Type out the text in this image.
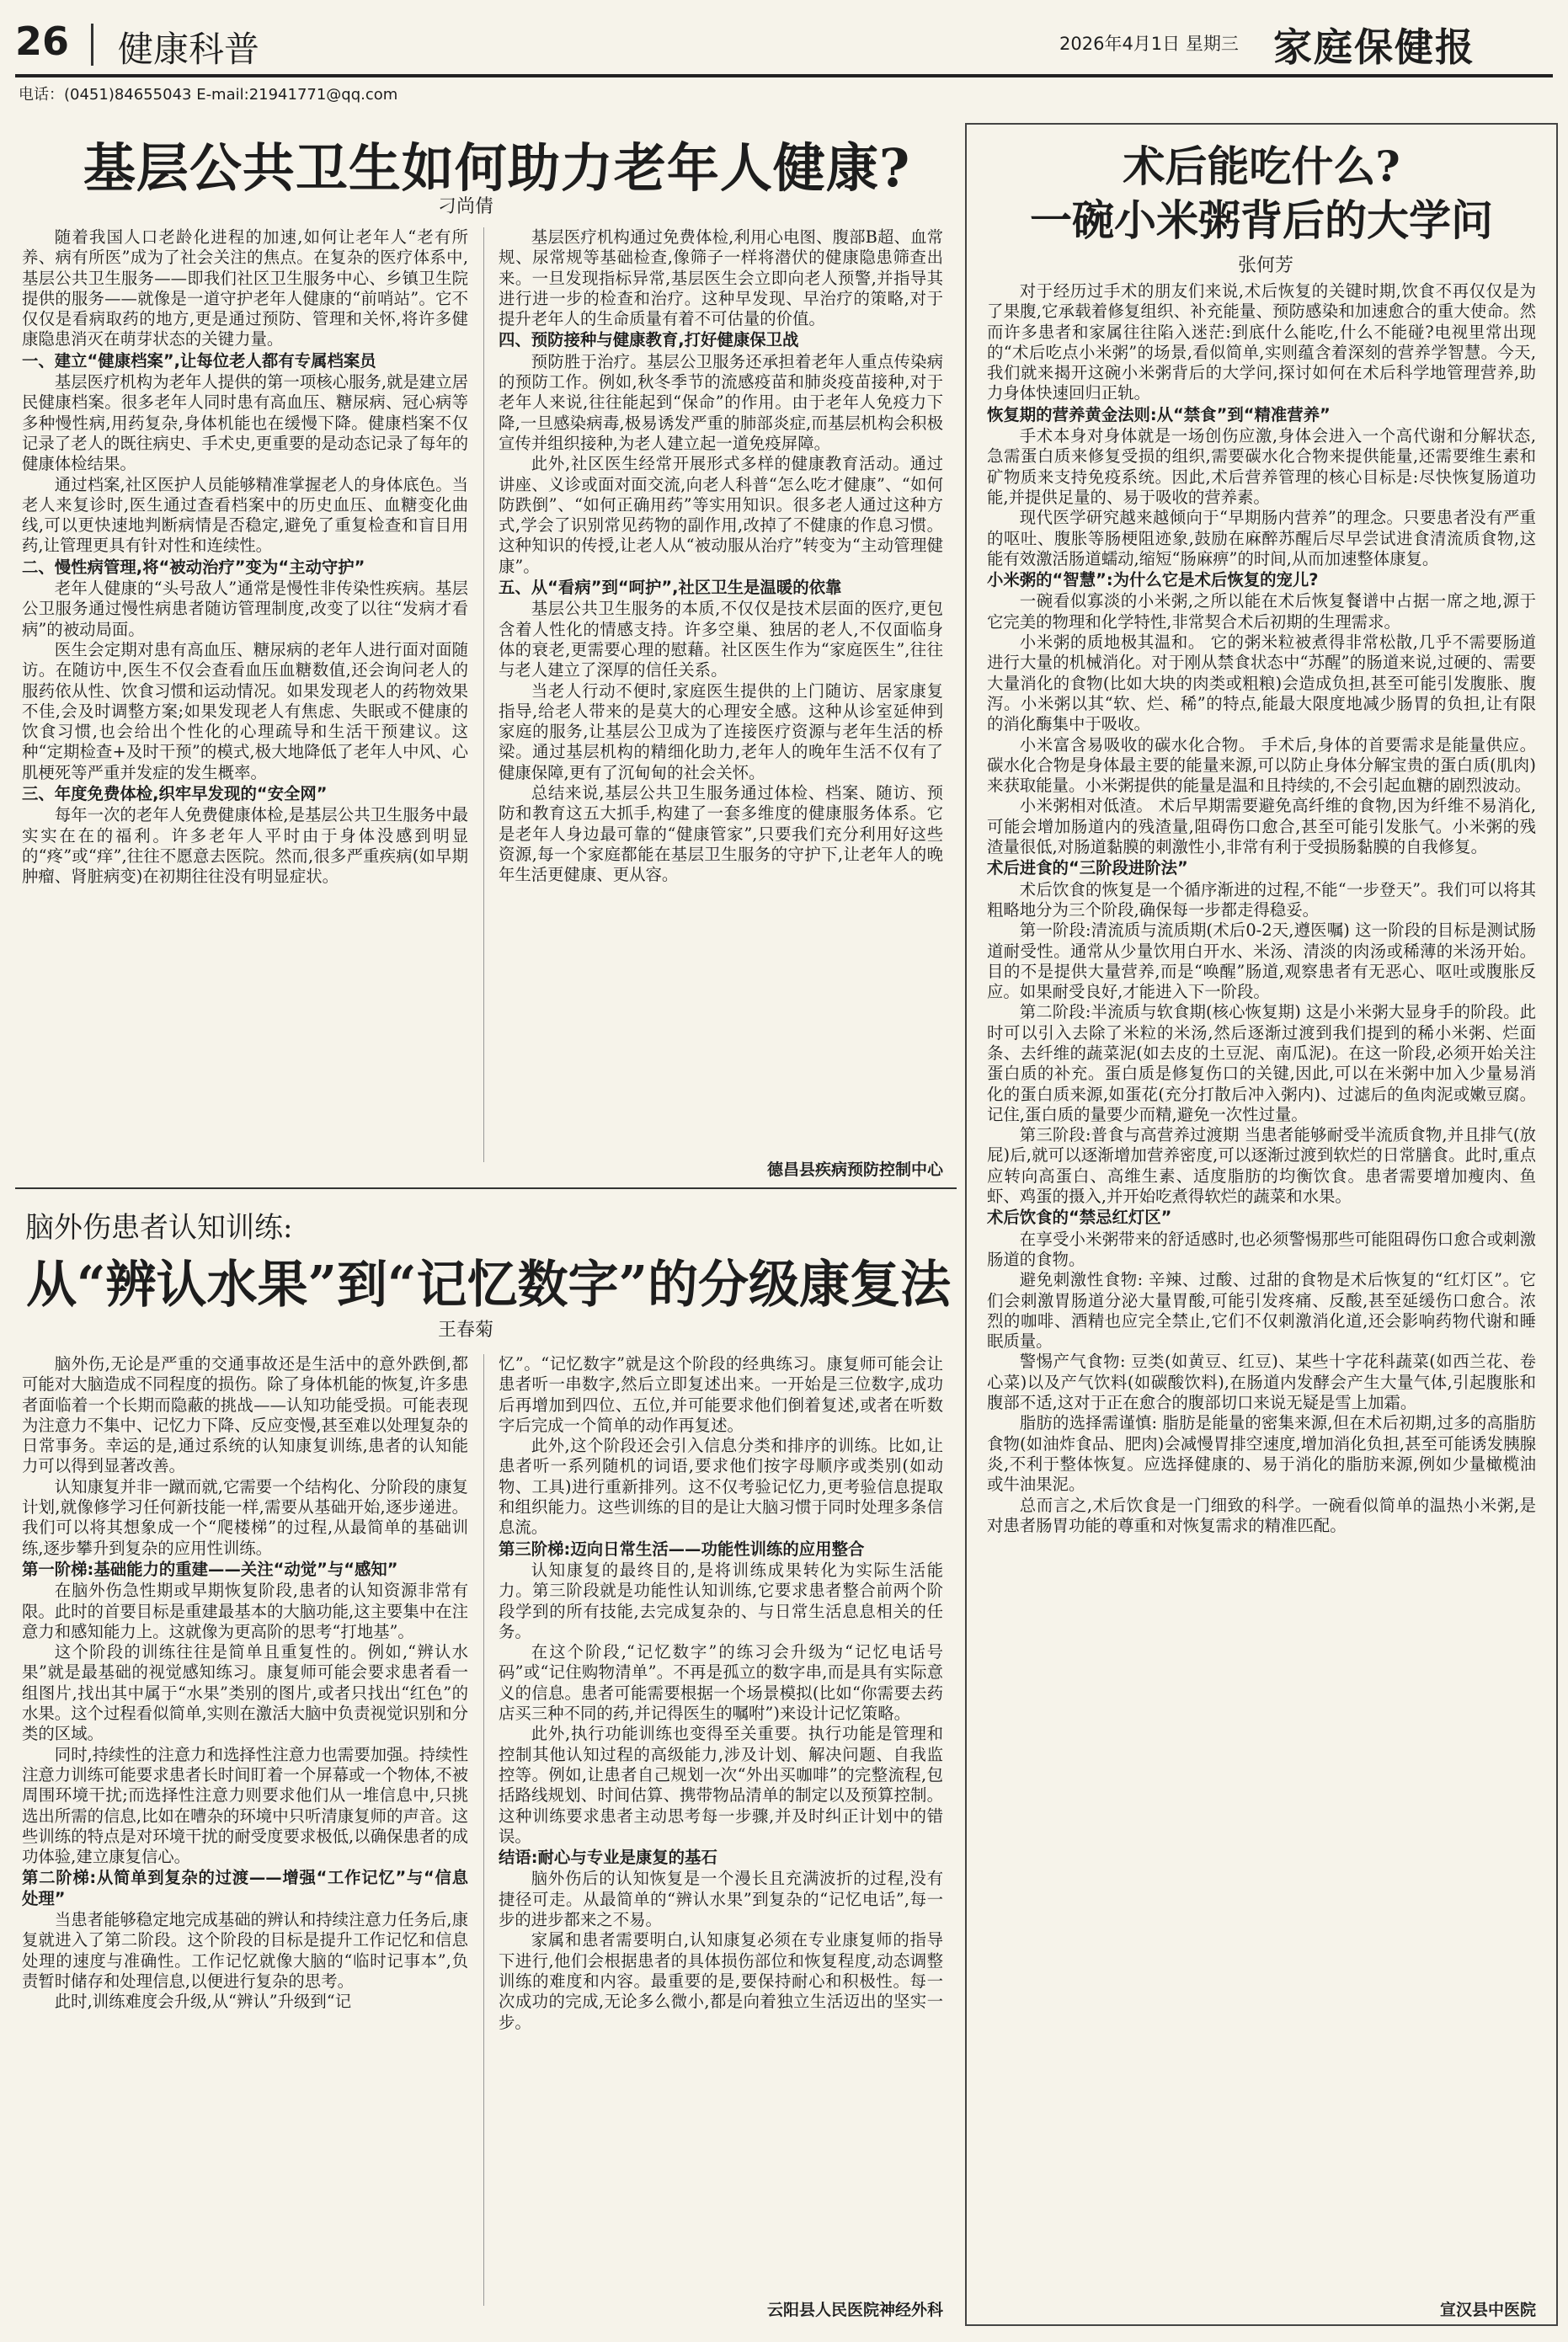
26 健康科普	2026年4月1日 星期三 家庭保健报
电话：(0451)84655043 E-mail:21941771@qq.com
基层公共卫生如何助力老年人健康?
刁尚倩

随着我国人口老龄化进程的加速,如何让老年人“老有所养、病有所医”成为了社会关注的焦点。在复杂的医疗体系中,基层公共卫生服务——即我们社区卫生服务中心、乡镇卫生院提供的服务——就像是一道守护老年人健康的“前哨站”。它不仅仅是看病取药的地方,更是通过预防、管理和关怀,将许多健康隐患消灭在萌芽状态的关键力量。

一、建立“健康档案”,让每位老人都有专属档案员

基层医疗机构为老年人提供的第一项核心服务,就是建立居民健康档案。很多老年人同时患有高血压、糖尿病、冠心病等多种慢性病,用药复杂,身体机能也在缓慢下降。健康档案不仅记录了老人的既往病史、手术史,更重要的是动态记录了每年的健康体检结果。

通过档案,社区医护人员能够精准掌握老人的身体底色。当老人来复诊时,医生通过查看档案中的历史血压、血糖变化曲线,可以更快速地判断病情是否稳定,避免了重复检查和盲目用药,让管理更具有针对性和连续性。

二、慢性病管理,将“被动治疗”变为“主动守护”

老年人健康的“头号敌人”通常是慢性非传染性疾病。基层公卫服务通过慢性病患者随访管理制度,改变了以往“发病才看病”的被动局面。

医生会定期对患有高血压、糖尿病的老年人进行面对面随访。在随访中,医生不仅会查看血压血糖数值,还会询问老人的服药依从性、饮食习惯和运动情况。如果发现老人的药物效果不佳,会及时调整方案;如果发现老人有焦虑、失眠或不健康的饮食习惯,也会给出个性化的心理疏导和生活干预建议。这种“定期检查+及时干预”的模式,极大地降低了老年人中风、心肌梗死等严重并发症的发生概率。

三、年度免费体检,织牢早发现的“安全网”

每年一次的老年人免费健康体检,是基层公共卫生服务中最实实在在的福利。许多老年人平时由于身体没感到明显的“疼”或“痒”,往往不愿意去医院。然而,很多严重疾病(如早期肿瘤、肾脏病变)在初期往往没有明显症状。

基层医疗机构通过免费体检,利用心电图、腹部B超、血常规、尿常规等基础检查,像筛子一样将潜伏的健康隐患筛查出来。一旦发现指标异常,基层医生会立即向老人预警,并指导其进行进一步的检查和治疗。这种早发现、早治疗的策略,对于提升老年人的生命质量有着不可估量的价值。

四、预防接种与健康教育,打好健康保卫战

预防胜于治疗。基层公卫服务还承担着老年人重点传染病的预防工作。例如,秋冬季节的流感疫苗和肺炎疫苗接种,对于老年人来说,往往能起到“保命”的作用。由于老年人免疫力下降,一旦感染病毒,极易诱发严重的肺部炎症,而基层机构会积极宣传并组织接种,为老人建立起一道免疫屏障。

此外,社区医生经常开展形式多样的健康教育活动。通过讲座、义诊或面对面交流,向老人科普“怎么吃才健康”、“如何防跌倒”、“如何正确用药”等实用知识。很多老人通过这种方式,学会了识别常见药物的副作用,改掉了不健康的作息习惯。这种知识的传授,让老人从“被动服从治疗”转变为“主动管理健康”。

五、从“看病”到“呵护”,社区卫生是温暖的依靠

基层公共卫生服务的本质,不仅仅是技术层面的医疗,更包含着人性化的情感支持。许多空巢、独居的老人,不仅面临身体的衰老,更需要心理的慰藉。社区医生作为“家庭医生”,往往与老人建立了深厚的信任关系。

当老人行动不便时,家庭医生提供的上门随访、居家康复指导,给老人带来的是莫大的心理安全感。这种从诊室延伸到家庭的服务,让基层公卫成为了连接医疗资源与老年生活的桥梁。通过基层机构的精细化助力,老年人的晚年生活不仅有了健康保障,更有了沉甸甸的社会关怀。

总结来说,基层公共卫生服务通过体检、档案、随访、预防和教育这五大抓手,构建了一套多维度的健康服务体系。它是老年人身边最可靠的“健康管家”,只要我们充分利用好这些资源,每一个家庭都能在基层卫生服务的守护下,让老年人的晚年生活更健康、更从容。

德昌县疾病预防控制中心
脑外伤患者认知训练:
从“辨认水果”到“记忆数字”的分级康复法
王春菊

脑外伤,无论是严重的交通事故还是生活中的意外跌倒,都可能对大脑造成不同程度的损伤。除了身体机能的恢复,许多患者面临着一个长期而隐蔽的挑战——认知功能受损。可能表现为注意力不集中、记忆力下降、反应变慢,甚至难以处理复杂的日常事务。幸运的是,通过系统的认知康复训练,患者的认知能力可以得到显著改善。

认知康复并非一蹴而就,它需要一个结构化、分阶段的康复计划,就像修学习任何新技能一样,需要从基础开始,逐步递进。我们可以将其想象成一个“爬楼梯”的过程,从最简单的基础训练,逐步攀升到复杂的应用性训练。

第一阶梯:基础能力的重建——关注“动觉”与“感知”

在脑外伤急性期或早期恢复阶段,患者的认知资源非常有限。此时的首要目标是重建最基本的大脑功能,这主要集中在注意力和感知能力上。这就像为更高阶的思考“打地基”。

这个阶段的训练往往是简单且重复性的。例如,“辨认水果”就是最基础的视觉感知练习。康复师可能会要求患者看一组图片,找出其中属于“水果”类别的图片,或者只找出“红色”的水果。这个过程看似简单,实则在激活大脑中负责视觉识别和分类的区域。

同时,持续性的注意力和选择性注意力也需要加强。持续性注意力训练可能要求患者长时间盯着一个屏幕或一个物体,不被周围环境干扰;而选择性注意力则要求他们从一堆信息中,只挑选出所需的信息,比如在嘈杂的环境中只听清康复师的声音。这些训练的特点是对环境干扰的耐受度要求极低,以确保患者的成功体验,建立康复信心。

第二阶梯:从简单到复杂的过渡——增强“工作记忆”与“信息处理”

当患者能够稳定地完成基础的辨认和持续注意力任务后,康复就进入了第二阶段。这个阶段的目标是提升工作记忆和信息处理的速度与准确性。工作记忆就像大脑的“临时记事本”,负责暂时储存和处理信息,以便进行复杂的思考。

此时,训练难度会升级,从“辨认”升级到“记

忆”。“记忆数字”就是这个阶段的经典练习。康复师可能会让患者听一串数字,然后立即复述出来。一开始是三位数字,成功后再增加到四位、五位,并可能要求他们倒着复述,或者在听数字后完成一个简单的动作再复述。

此外,这个阶段还会引入信息分类和排序的训练。比如,让患者听一系列随机的词语,要求他们按字母顺序或类别(如动物、工具)进行重新排列。这不仅考验记忆力,更考验信息提取和组织能力。这些训练的目的是让大脑习惯于同时处理多条信息流。

第三阶梯:迈向日常生活——功能性训练的应用整合

认知康复的最终目的,是将训练成果转化为实际生活能力。第三阶段就是功能性认知训练,它要求患者整合前两个阶段学到的所有技能,去完成复杂的、与日常生活息息相关的任务。

在这个阶段,“记忆数字”的练习会升级为“记忆电话号码”或“记住购物清单”。不再是孤立的数字串,而是具有实际意义的信息。患者可能需要根据一个场景模拟(比如“你需要去药店买三种不同的药,并记得医生的嘱咐”)来设计记忆策略。

此外,执行功能训练也变得至关重要。执行功能是管理和控制其他认知过程的高级能力,涉及计划、解决问题、自我监控等。例如,让患者自己规划一次“外出买咖啡”的完整流程,包括路线规划、时间估算、携带物品清单的制定以及预算控制。这种训练要求患者主动思考每一步骤,并及时纠正计划中的错误。

结语:耐心与专业是康复的基石

脑外伤后的认知恢复是一个漫长且充满波折的过程,没有捷径可走。从最简单的“辨认水果”到复杂的“记忆电话”,每一步的进步都来之不易。

家属和患者需要明白,认知康复必须在专业康复师的指导下进行,他们会根据患者的具体损伤部位和恢复程度,动态调整训练的难度和内容。最重要的是,要保持耐心和积极性。每一次成功的完成,无论多么微小,都是向着独立生活迈出的坚实一步。

云阳县人民医院神经外科
术后能吃什么?
一碗小米粥背后的大学问
张何芳

对于经历过手术的朋友们来说,术后恢复的关键时期,饮食不再仅仅是为了果腹,它承载着修复组织、补充能量、预防感染和加速愈合的重大使命。然而许多患者和家属往往陷入迷茫:到底什么能吃,什么不能碰?电视里常出现的“术后吃点小米粥”的场景,看似简单,实则蕴含着深刻的营养学智慧。今天,我们就来揭开这碗小米粥背后的大学问,探讨如何在术后科学地管理营养,助力身体快速回归正轨。

恢复期的营养黄金法则:从“禁食”到“精准营养”

手术本身对身体就是一场创伤应激,身体会进入一个高代谢和分解状态,急需蛋白质来修复受损的组织,需要碳水化合物来提供能量,还需要维生素和矿物质来支持免疫系统。因此,术后营养管理的核心目标是:尽快恢复肠道功能,并提供足量的、易于吸收的营养素。

现代医学研究越来越倾向于“早期肠内营养”的理念。只要患者没有严重的呕吐、腹胀等肠梗阻迹象,鼓励在麻醉苏醒后尽早尝试进食清流质食物,这能有效激活肠道蠕动,缩短“肠麻痹”的时间,从而加速整体康复。

小米粥的“智慧”:为什么它是术后恢复的宠儿?

一碗看似寡淡的小米粥,之所以能在术后恢复餐谱中占据一席之地,源于它完美的物理和化学特性,非常契合术后初期的生理需求。

小米粥的质地极其温和。 它的粥米粒被煮得非常松散,几乎不需要肠道进行大量的机械消化。对于刚从禁食状态中“苏醒”的肠道来说,过硬的、需要大量消化的食物(比如大块的肉类或粗粮)会造成负担,甚至可能引发腹胀、腹泻。小米粥以其“软、烂、稀”的特点,能最大限度地减少肠胃的负担,让有限的消化酶集中于吸收。

小米富含易吸收的碳水化合物。 手术后,身体的首要需求是能量供应。碳水化合物是身体最主要的能量来源,可以防止身体分解宝贵的蛋白质(肌肉)来获取能量。小米粥提供的能量是温和且持续的,不会引起血糖的剧烈波动。

小米粥相对低渣。 术后早期需要避免高纤维的食物,因为纤维不易消化,可能会增加肠道内的残渣量,阻碍伤口愈合,甚至可能引发胀气。小米粥的残渣量很低,对肠道黏膜的刺激性小,非常有利于受损肠黏膜的自我修复。

术后进食的“三阶段进阶法”

术后饮食的恢复是一个循序渐进的过程,不能“一步登天”。我们可以将其粗略地分为三个阶段,确保每一步都走得稳妥。

第一阶段:清流质与流质期(术后0-2天,遵医嘱) 这一阶段的目标是测试肠道耐受性。通常从少量饮用白开水、米汤、清淡的肉汤或稀薄的米汤开始。目的不是提供大量营养,而是“唤醒”肠道,观察患者有无恶心、呕吐或腹胀反应。如果耐受良好,才能进入下一阶段。

第二阶段:半流质与软食期(核心恢复期) 这是小米粥大显身手的阶段。此时可以引入去除了米粒的米汤,然后逐渐过渡到我们提到的稀小米粥、烂面条、去纤维的蔬菜泥(如去皮的土豆泥、南瓜泥)。在这一阶段,必须开始关注蛋白质的补充。蛋白质是修复伤口的关键,因此,可以在米粥中加入少量易消化的蛋白质来源,如蛋花(充分打散后冲入粥内)、过滤后的鱼肉泥或嫩豆腐。记住,蛋白质的量要少而精,避免一次性过量。

第三阶段:普食与高营养过渡期 当患者能够耐受半流质食物,并且排气(放屁)后,就可以逐渐增加营养密度,可以逐渐过渡到软烂的日常膳食。此时,重点应转向高蛋白、高维生素、适度脂肪的均衡饮食。患者需要增加瘦肉、鱼虾、鸡蛋的摄入,并开始吃煮得软烂的蔬菜和水果。

术后饮食的“禁忌红灯区”

在享受小米粥带来的舒适感时,也必须警惕那些可能阻碍伤口愈合或刺激肠道的食物。

避免刺激性食物: 辛辣、过酸、过甜的食物是术后恢复的“红灯区”。它们会刺激胃肠道分泌大量胃酸,可能引发疼痛、反酸,甚至延缓伤口愈合。浓烈的咖啡、酒精也应完全禁止,它们不仅刺激消化道,还会影响药物代谢和睡眠质量。

警惕产气食物: 豆类(如黄豆、红豆)、某些十字花科蔬菜(如西兰花、卷心菜)以及产气饮料(如碳酸饮料),在肠道内发酵会产生大量气体,引起腹胀和腹部不适,这对于正在愈合的腹部切口来说无疑是雪上加霜。

脂肪的选择需谨慎: 脂肪是能量的密集来源,但在术后初期,过多的高脂肪食物(如油炸食品、肥肉)会减慢胃排空速度,增加消化负担,甚至可能诱发胰腺炎,不利于整体恢复。应选择健康的、易于消化的脂肪来源,例如少量橄榄油或牛油果泥。

总而言之,术后饮食是一门细致的科学。一碗看似简单的温热小米粥,是对患者肠胃功能的尊重和对恢复需求的精准匹配。

宣汉县中医院
